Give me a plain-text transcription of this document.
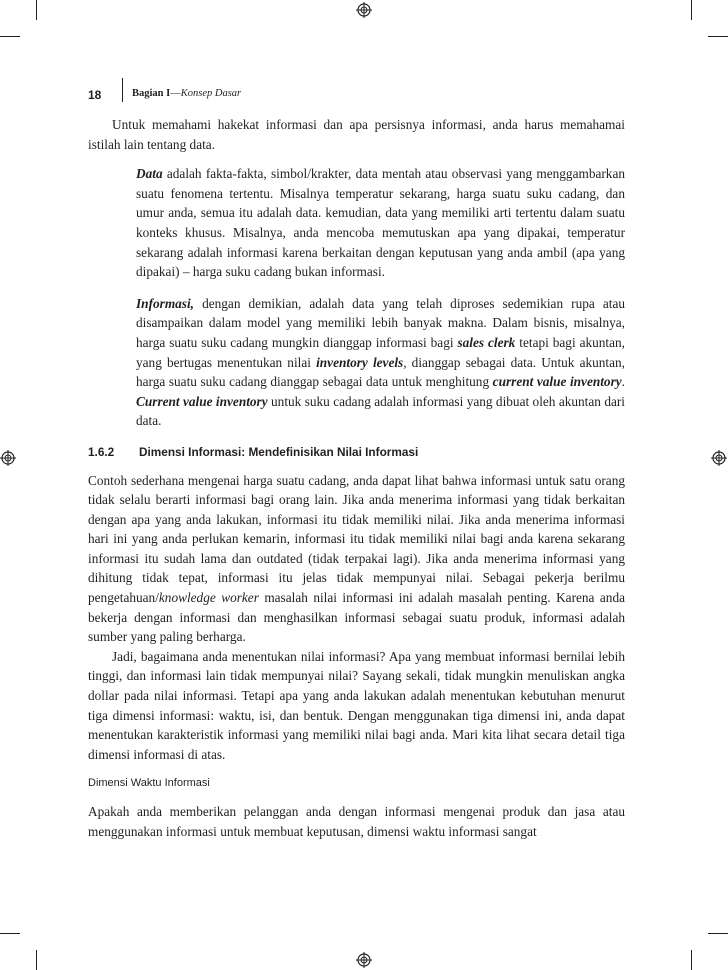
18	Bagian I—Konsep Dasar

Untuk memahami hakekat informasi dan apa persisnya informasi, anda harus memahamai istilah lain tentang data.

Data adalah fakta-fakta, simbol/krakter, data mentah atau observasi yang menggambarkan suatu fenomena tertentu. Misalnya temperatur sekarang, harga suatu suku cadang, dan umur anda, semua itu adalah data. kemudian, data yang memiliki arti tertentu dalam suatu konteks khusus. Misalnya, anda mencoba memutuskan apa yang dipakai, temperatur sekarang adalah informasi karena berkaitan dengan keputusan yang anda ambil (apa yang dipakai) – harga suku cadang bukan informasi.

Informasi, dengan demikian, adalah data yang telah diproses sedemikian rupa atau disampaikan dalam model yang memiliki lebih banyak makna. Dalam bisnis, misalnya, harga suatu suku cadang mungkin dianggap informasi bagi sales clerk tetapi bagi akuntan, yang bertugas menentukan nilai inventory levels, dianggap sebagai data. Untuk akuntan, harga suatu suku cadang dianggap sebagai data untuk menghitung current value inventory. Current value inventory untuk suku cadang adalah informasi yang dibuat oleh akuntan dari data.

1.6.2 Dimensi Informasi: Mendefinisikan Nilai Informasi

Contoh sederhana mengenai harga suatu cadang, anda dapat lihat bahwa informasi untuk satu orang tidak selalu berarti informasi bagi orang lain. Jika anda menerima informasi yang tidak berkaitan dengan apa yang anda lakukan, informasi itu tidak memiliki nilai. Jika anda menerima informasi hari ini yang anda perlukan kemarin, informasi itu tidak memiliki nilai bagi anda karena sekarang informasi itu sudah lama dan outdated (tidak terpakai lagi). Jika anda menerima informasi yang dihitung tidak tepat, informasi itu jelas tidak mempunyai nilai. Sebagai pekerja berilmu pengetahuan/knowledge worker masalah nilai informasi ini adalah masalah penting. Karena anda bekerja dengan informasi dan menghasilkan informasi sebagai suatu produk, informasi adalah sumber yang paling berharga.

Jadi, bagaimana anda menentukan nilai informasi? Apa yang membuat informasi bernilai lebih tinggi, dan informasi lain tidak mempunyai nilai? Sayang sekali, tidak mungkin menuliskan angka dollar pada nilai informasi. Tetapi apa yang anda lakukan adalah menentukan kebutuhan menurut tiga dimensi informasi: waktu, isi, dan bentuk. Dengan menggunakan tiga dimensi ini, anda dapat menentukan karakteristik informasi yang memiliki nilai bagi anda. Mari kita lihat secara detail tiga dimensi informasi di atas.

Dimensi Waktu Informasi

Apakah anda memberikan pelanggan anda dengan informasi mengenai produk dan jasa atau menggunakan informasi untuk membuat keputusan, dimensi waktu informasi sangat
